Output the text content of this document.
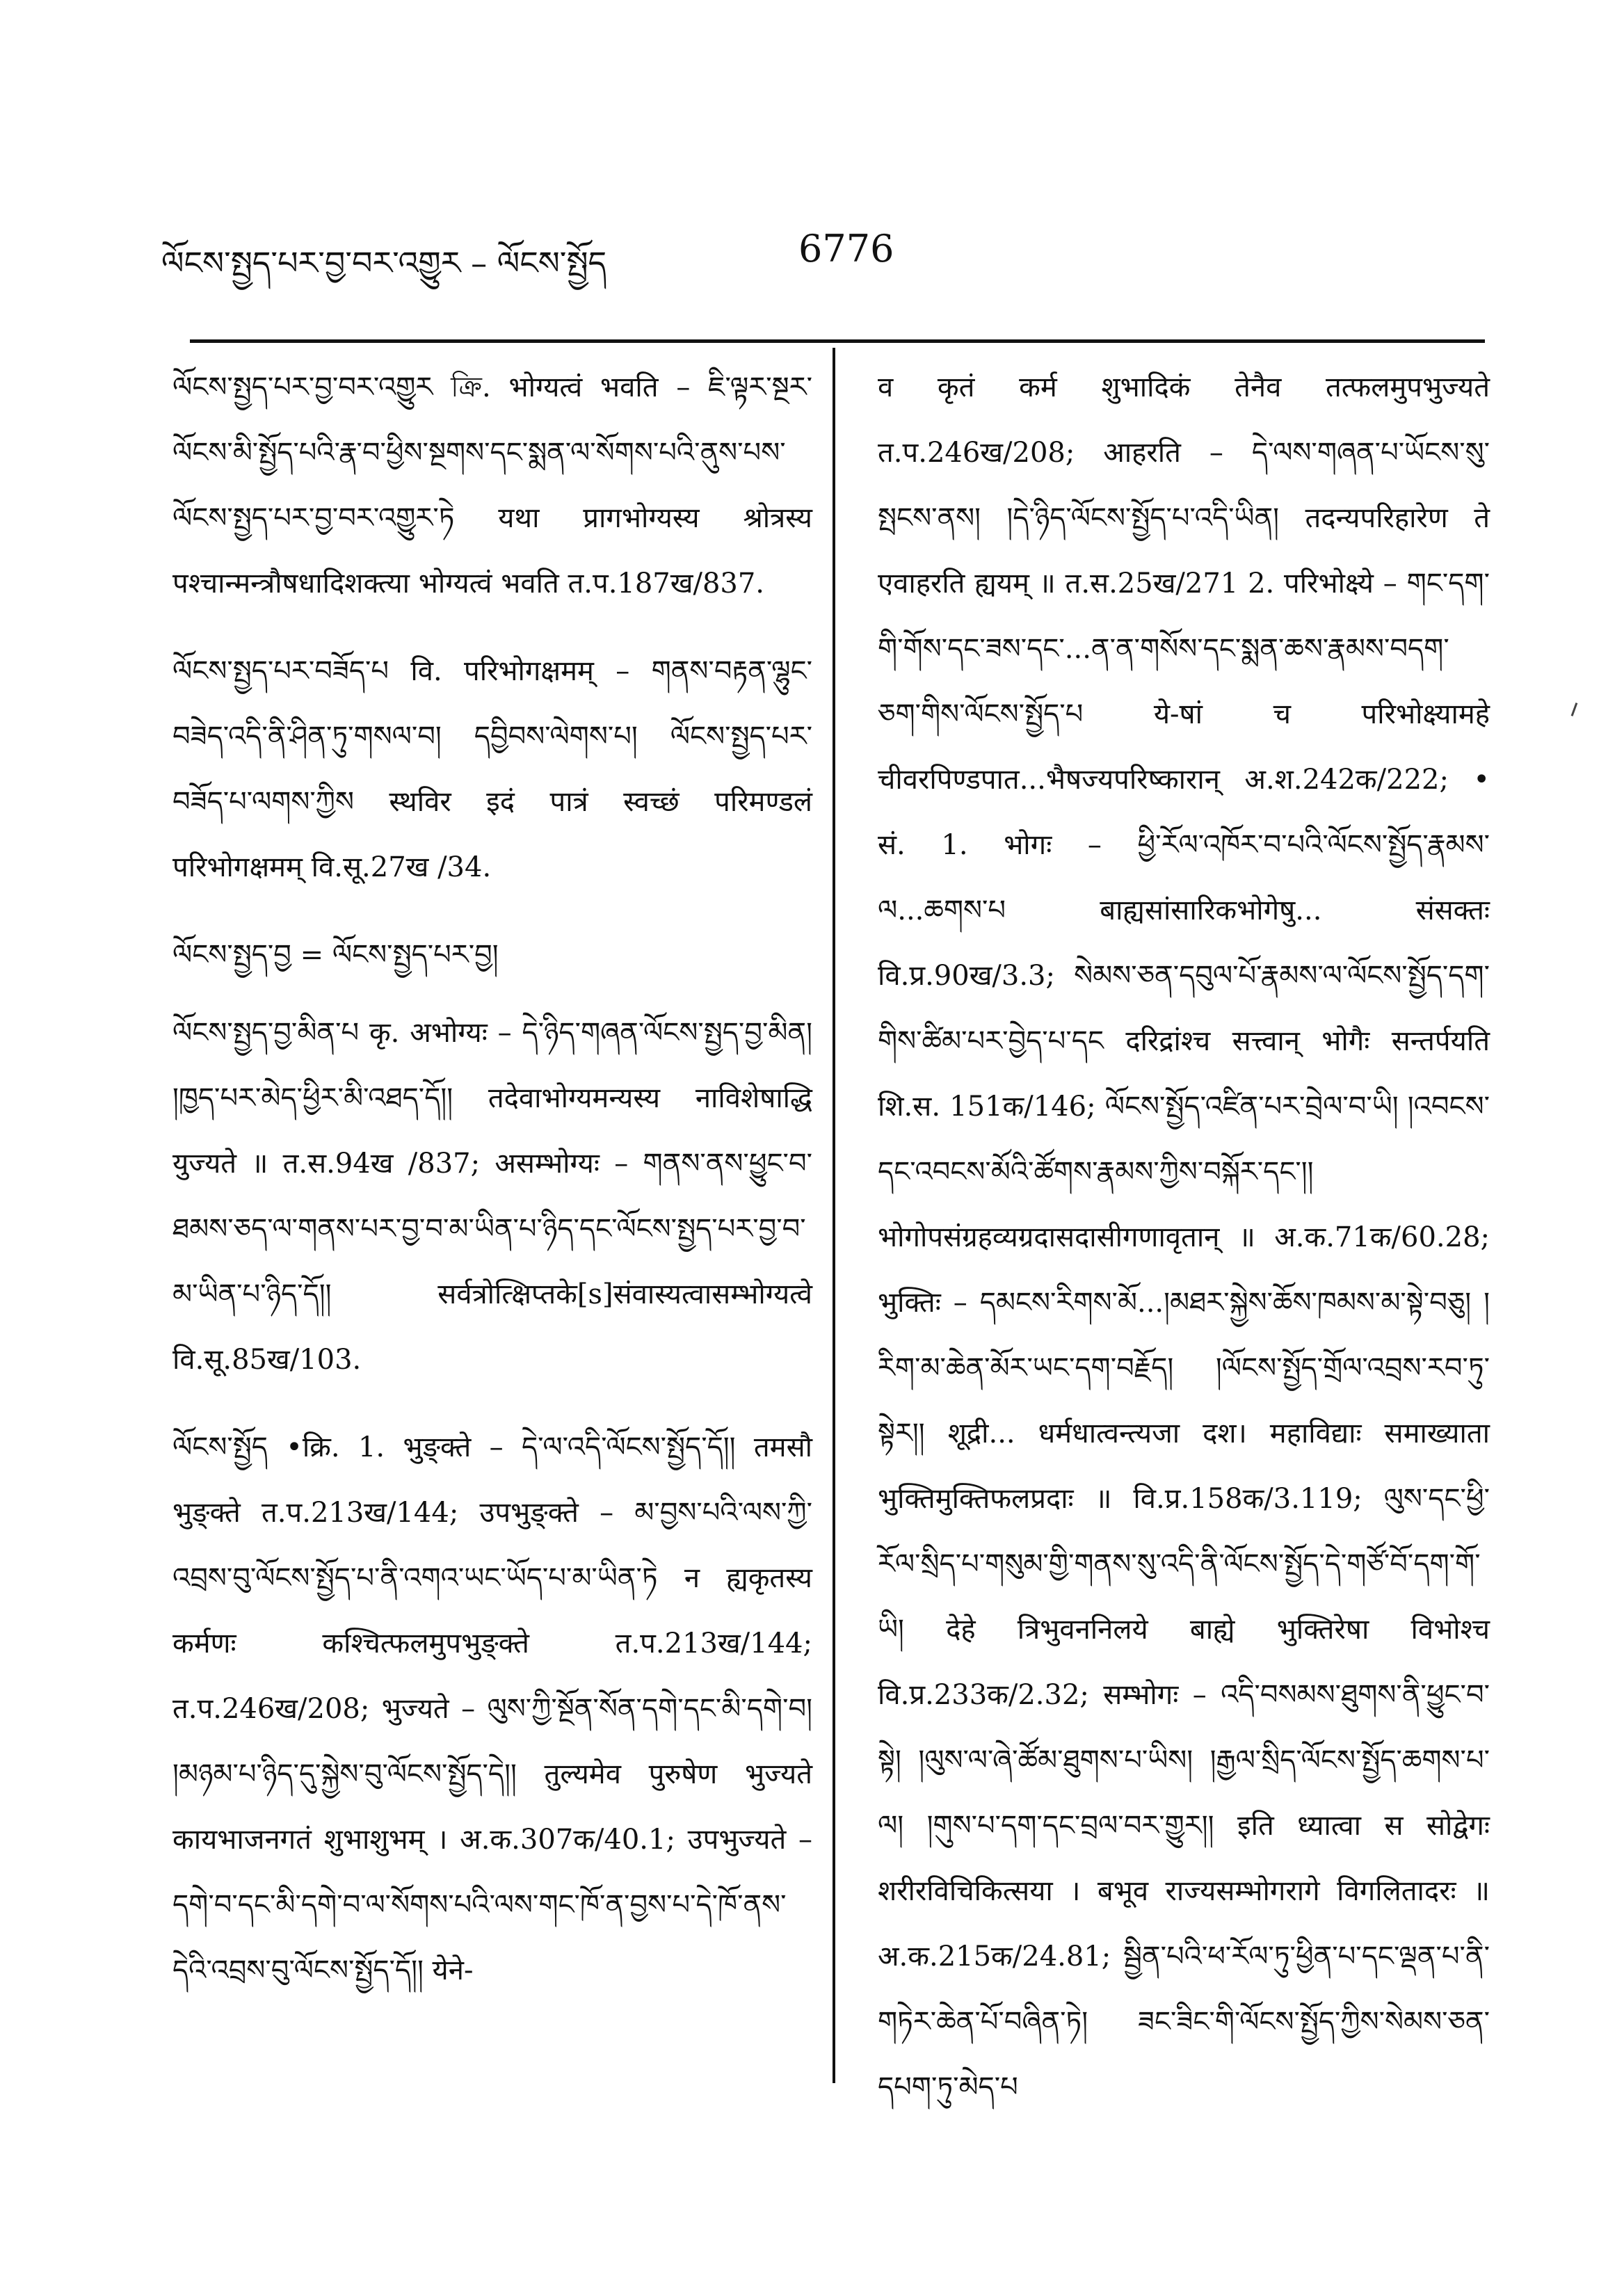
ལོངས་སྤྱད་པར་བྱ་བར་འགྱུར – ལོངས་སྤྱོད	6776

ལོངས་སྤྱད་པར་བྱ་བར་འགྱུར ক্রি. भोग्यत्वं भवति – ཇི་ལྟར་སྔར་ལོངས་མི་སྤྱོད་པའི་རྣ་བ་ཕྱིས་སྔགས་དང་སྨན་ལ་སོགས་པའི་ནུས་པས་ལོངས་སྤྱད་པར་བྱ་བར་འགྱུར་ཏེ यथा प्रागभोग्यस्य श्रोत्रस्य पश्चान्मन्त्रौषधादिशक्त्या भोग्यत्वं भवति त.प.187ख/837.

ལོངས་སྤྱད་པར་བཟོད་པ वि. परिभोगक्षमम् – གནས་བརྟན་ལྷུང་བཟེད་འདི་ནི་ཤིན་ཏུ་གསལ་བ། དབྱིབས་ལེགས་པ། ལོངས་སྤྱད་པར་བཟོད་པ་ལགས་ཀྱིས स्थविर इदं पात्रं स्वच्छं परिमण्डलं परिभोगक्षमम् वि.सू.27ख /34.

ལོངས་སྤྱད་བྱ = ལོངས་སྤྱད་པར་བྱ།

ལོངས་སྤྱད་བྱ་མིན་པ कृ. अभोग्यः – དེ་ཉིད་གཞན་ལོངས་སྤྱད་བྱ་མིན། །ཁྱད་པར་མེད་ཕྱིར་མི་འཐད་དོ།། तदेवाभोग्यमन्यस्य नाविशेषाद्धि युज्यते ॥ त.स.94ख /837; असम्भोग्यः – གནས་ནས་ཕྱུང་བ་ཐམས་ཅད་ལ་གནས་པར་བྱ་བ་མ་ཡིན་པ་ཉིད་དང་ལོངས་སྤྱད་པར་བྱ་བ་མ་ཡིན་པ་ཉིད་དོ།། सर्वत्रोत्क्षिप्तके[s]संवास्यत्वासम्भोग्यत्वे वि.सू.85ख/103.

ལོངས་སྤྱོད •क्रि. 1. भुङ्क्ते – དེ་ལ་འདི་ལོངས་སྤྱོད་དོ།། तमसौ भुङ्क्ते त.प.213ख/144; उपभुङ्क्ते – མ་བྱས་པའི་ལས་ཀྱི་འབྲས་བུ་ལོངས་སྤྱོད་པ་ནི་འགའ་ཡང་ཡོད་པ་མ་ཡིན་ཏེ न ह्यकृतस्य कर्मणः कश्चित्फलमुपभुङ्क्ते त.प.213ख/144; त.प.246ख/208; भुज्यते – ལུས་ཀྱི་སྔོན་སོན་དགེ་དང་མི་དགེ་བ། །མཉམ་པ་ཉིད་དུ་སྐྱེས་བུ་ལོངས་སྤྱོད་དེ།། तुल्यमेव पुरुषेण भुज्यते कायभाजनगतं शुभाशुभम् । अ.क.307क/40.1; उपभुज्यते – དགེ་བ་དང་མི་དགེ་བ་ལ་སོགས་པའི་ལས་གང་ཁོ་ན་བྱས་པ་དེ་ཁོ་ནས་དེའི་འབྲས་བུ་ལོངས་སྤྱོད་དོ།། येने-

व कृतं कर्म शुभादिकं तेनैव तत्फलमुपभुज्यते त.प.246ख/208; आहरति – དེ་ལས་གཞན་པ་ཡོངས་སུ་སྤངས་ནས། །དེ་ཉིད་ལོངས་སྤྱོད་པ་འདི་ཡིན། तदन्यपरिहारेण ते एवाहरति ह्ययम् ॥ त.स.25ख/271 2. परिभोक्ष्ये – གང་དག་གི་གོས་དང་ཟས་དང་...ན་ན་གསོས་དང་སྨན་ཆས་རྣམས་བདག་ཅག་གིས་ལོངས་སྤྱོད་པ ये-षां च परिभोक्ष्यामहे चीवरपिण्डपात...भैषज्यपरिष्कारान् अ.श.242क/222; • सं. 1. भोगः – ཕྱི་རོལ་འཁོར་བ་པའི་ལོངས་སྤྱོད་རྣམས་ལ...ཆགས་པ बाह्यसांसारिकभोगेषु... संसक्तः वि.प्र.90ख/3.3; སེམས་ཅན་དབུལ་པོ་རྣམས་ལ་ལོངས་སྤྱོད་དག་གིས་ཚིམ་པར་བྱེད་པ་དང दरिद्रांश्च सत्त्वान् भोगैः सन्तर्पयति शि.स. 151क/146; ལོངས་སྤྱོད་འཛིན་པར་བྲེལ་བ་ཡི། །འབངས་དང་འབངས་མོའི་ཚོགས་རྣམས་ཀྱིས་བསྐོར་དང་།། भोगोपसंग्रहव्यग्रदासदासीगणावृतान् ॥ अ.क.71क/60.28; भुक्तिः – དམངས་རིགས་མོ...།མཐར་སྐྱེས་ཆོས་ཁམས་མ་སྟེ་བཅུ། །རིག་མ་ཆེན་མོར་ཡང་དག་བརྗོད། །ལོངས་སྤྱོད་གྲོལ་འབྲས་རབ་ཏུ་སྟེར།། शूद्री... धर्मधात्वन्त्यजा दश। महाविद्याः समाख्याता भुक्तिमुक्तिफलप्रदाः ॥ वि.प्र.158क/3.119; ལུས་དང་ཕྱི་རོལ་སྲིད་པ་གསུམ་གྱི་གནས་སུ་འདི་ནི་ལོངས་སྤྱོད་དེ་གཙོ་བོ་དག་གོ་ཡི། देहे त्रिभुवननिलये बाह्ये भुक्तिरेषा विभोश्च वि.प्र.233क/2.32; सम्भोगः – འདི་བསམས་ཐུགས་ནི་ཕྱུང་བ་སྟེ། །ལུས་ལ་ཞེ་ཚོམ་ཐུགས་པ་ཡིས། །རྒྱལ་སྲིད་ལོངས་སྤྱོད་ཆགས་པ་ལ། །གུས་པ་དག་དང་བྲལ་བར་གྱུར།། इति ध्यात्वा स सोद्वेगः शरीरविचिकित्सया । बभूव राज्यसम्भोगरागे विगलितादरः ॥ अ.क.215क/24.81; སྦྱིན་པའི་ཕ་རོལ་ཏུ་ཕྱིན་པ་དང་ལྡན་པ་ནི་གཏེར་ཆེན་པོ་བཞིན་ཏེ། ཟང་ཟིང་གི་ལོངས་སྤྱོད་ཀྱིས་སེམས་ཅན་དཔག་ཏུ་མེད་པ
